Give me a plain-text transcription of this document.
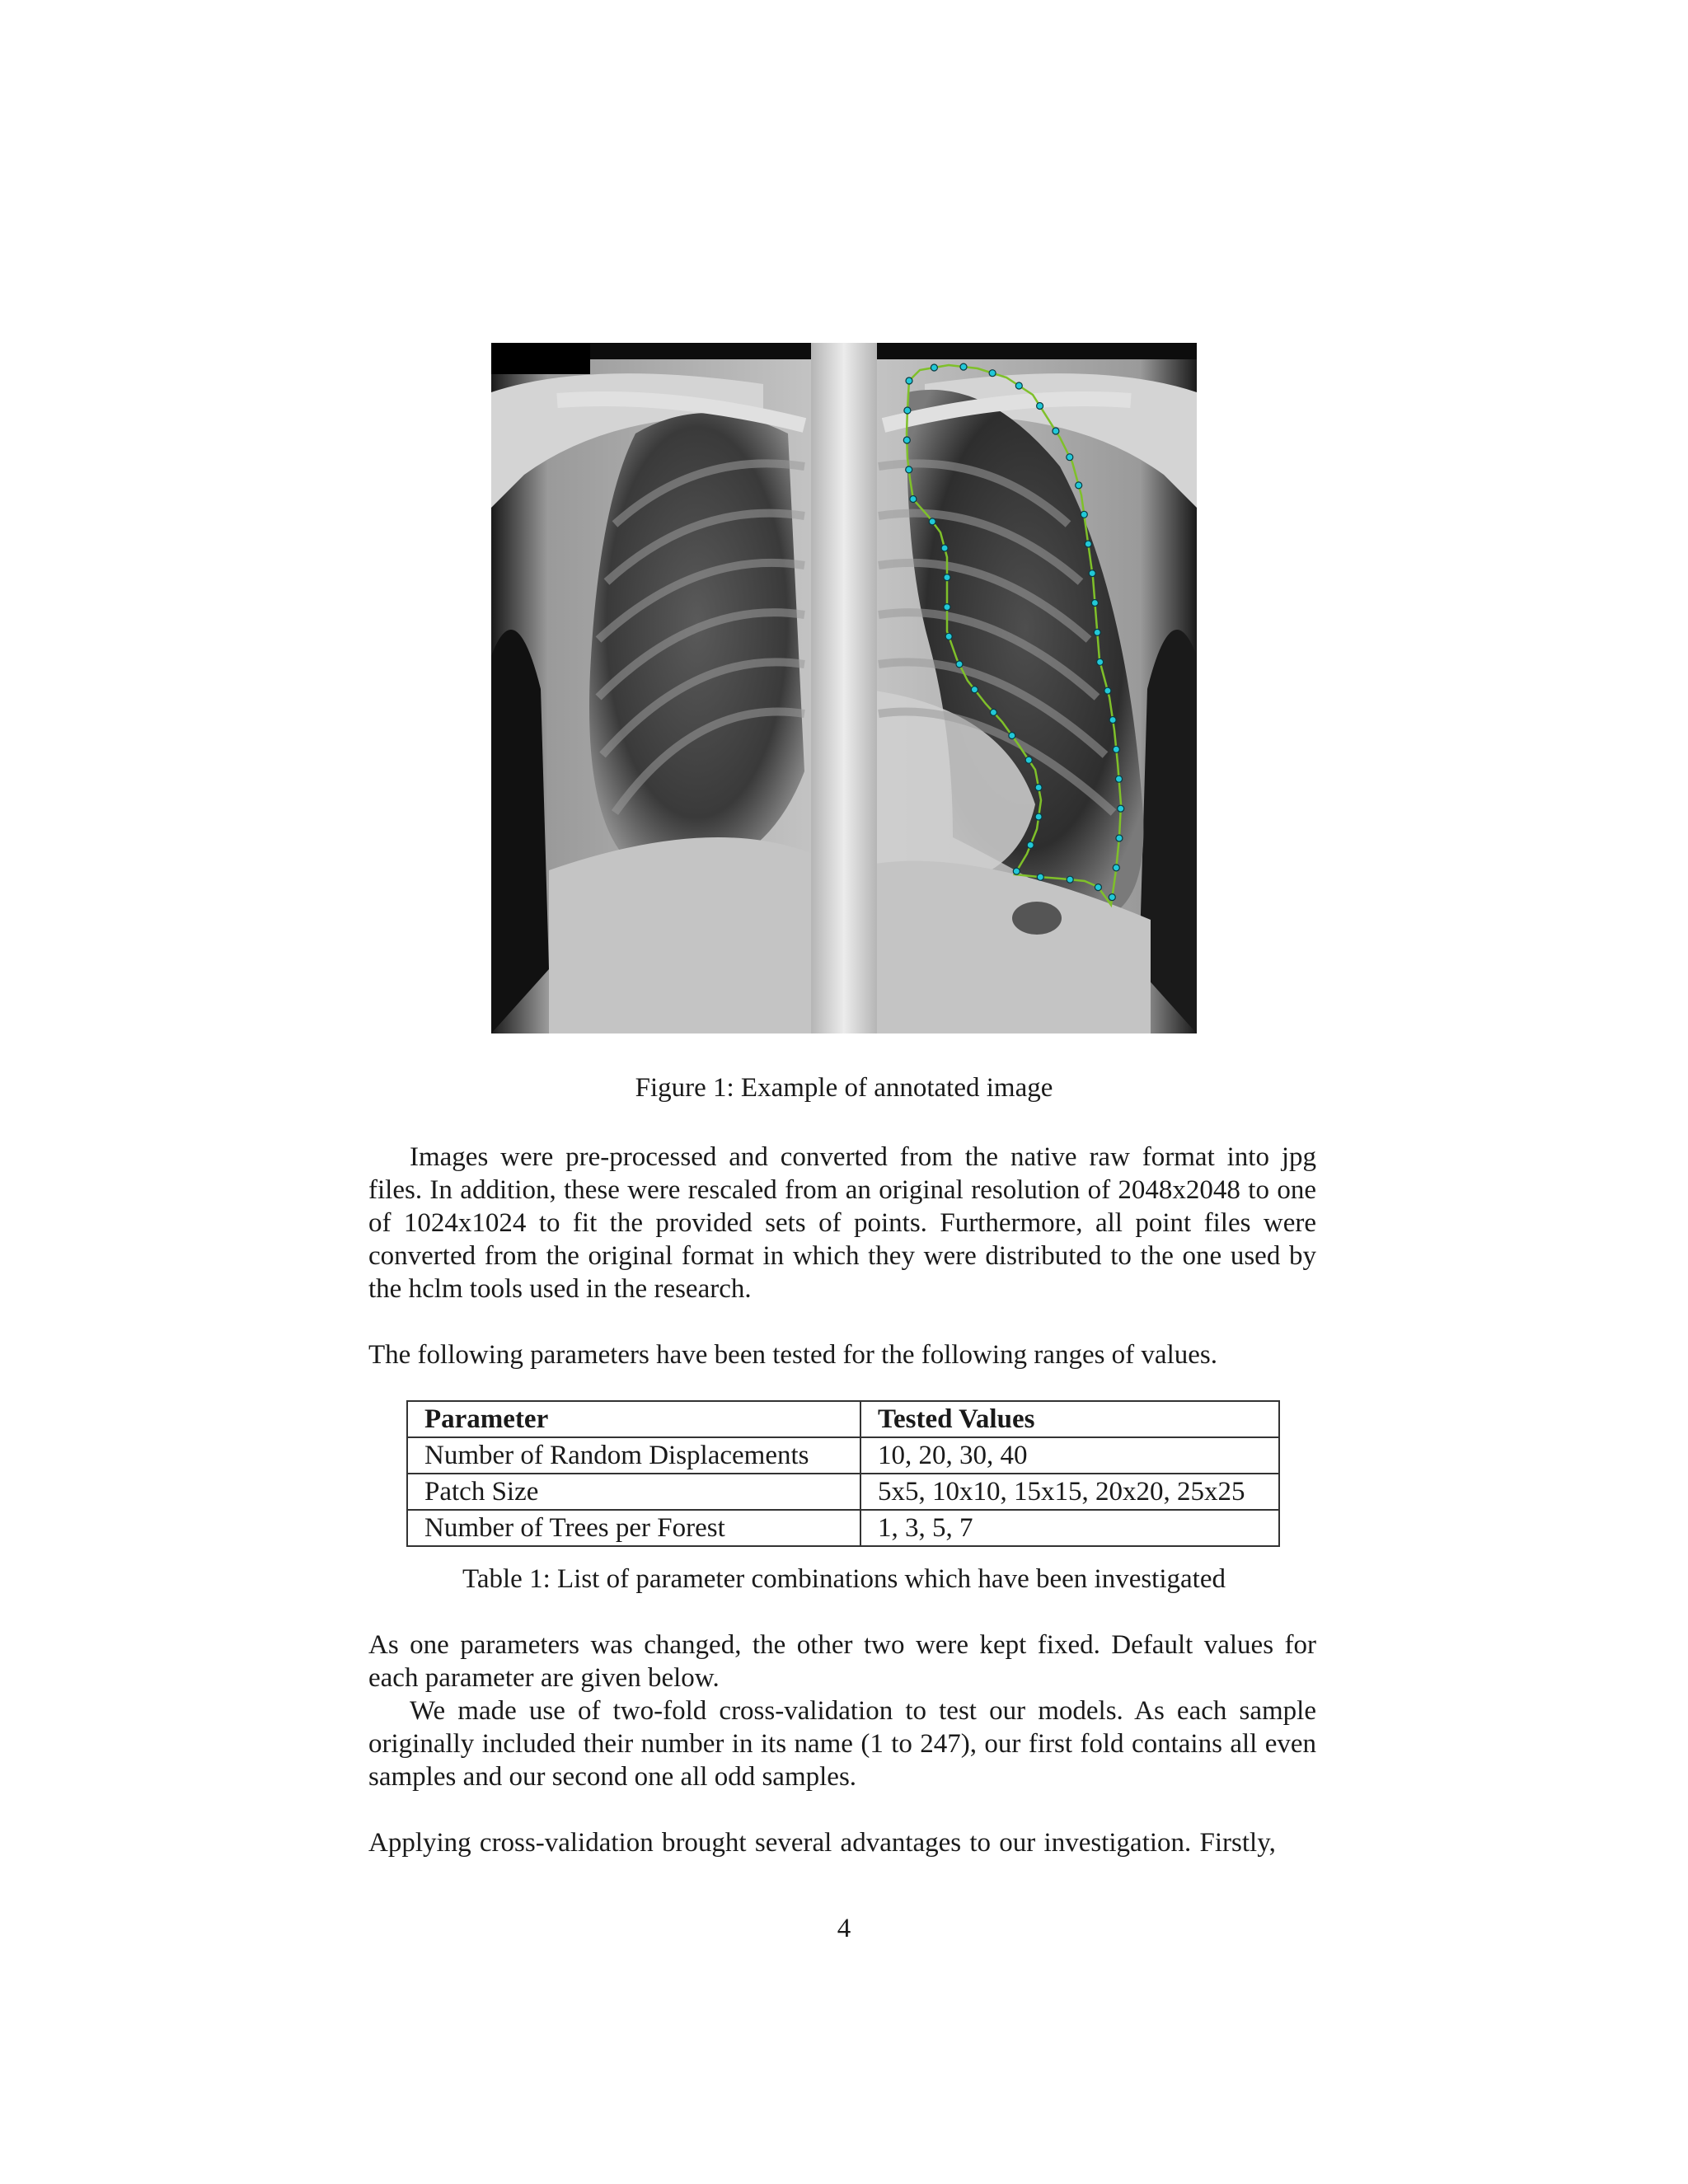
Figure 1: Example of annotated image

Images were pre-processed and converted from the native raw format into jpg files. In addition, these were rescaled from an original resolution of 2048x2048 to one of 1024x1024 to fit the provided sets of points. Furthermore, all point files were converted from the original format in which they were distributed to the one used by the hclm tools used in the research.

The following parameters have been tested for the following ranges of values.

Parameter	Tested Values
Number of Random Displacements	10, 20, 30, 40
Patch Size	5x5, 10x10, 15x15, 20x20, 25x25
Number of Trees per Forest	1, 3, 5, 7
Table 1: List of parameter combinations which have been investigated

As one parameters was changed, the other two were kept fixed. Default values for each parameter are given below.

We made use of two-fold cross-validation to test our models. As each sample originally included their number in its name (1 to 247), our first fold contains all even samples and our second one all odd samples.

Applying cross-validation brought several advantages to our investigation. Firstly,

4
